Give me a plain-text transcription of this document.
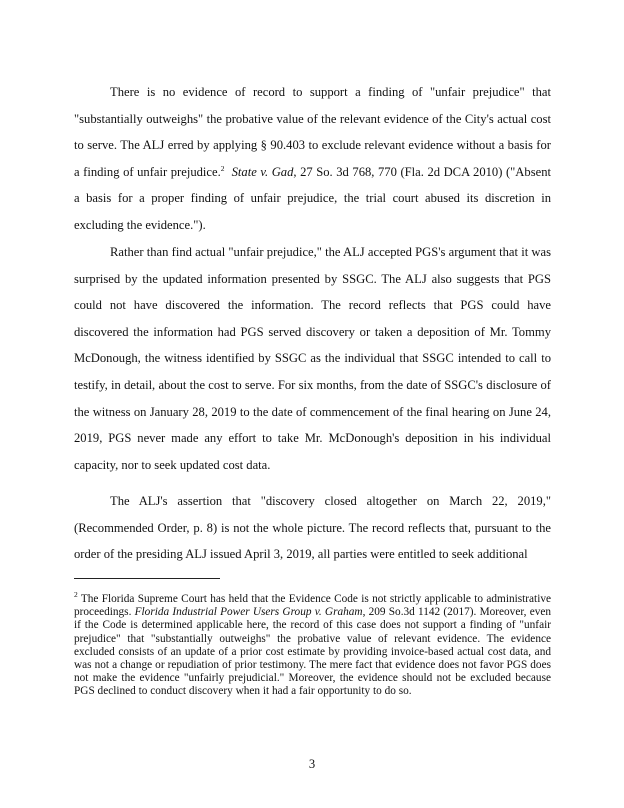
There is no evidence of record to support a finding of "unfair prejudice" that "substantially outweighs" the probative value of the relevant evidence of the City's actual cost to serve. The ALJ erred by applying § 90.403 to exclude relevant evidence without a basis for a finding of unfair prejudice.$^2$ State v. Gad, 27 So. 3d 768, 770 (Fla. 2d DCA 2010) ("Absent a basis for a proper finding of unfair prejudice, the trial court abused its discretion in excluding the evidence.").

Rather than find actual "unfair prejudice," the ALJ accepted PGS's argument that it was surprised by the updated information presented by SSGC. The ALJ also suggests that PGS could not have discovered the information. The record reflects that PGS could have discovered the information had PGS served discovery or taken a deposition of Mr. Tommy McDonough, the witness identified by SSGC as the individual that SSGC intended to call to testify, in detail, about the cost to serve. For six months, from the date of SSGC's disclosure of the witness on January 28, 2019 to the date of commencement of the final hearing on June 24, 2019, PGS never made any effort to take Mr. McDonough's deposition in his individual capacity, nor to seek updated cost data.

The ALJ's assertion that "discovery closed altogether on March 22, 2019," (Recommended Order, p. 8) is not the whole picture. The record reflects that, pursuant to the order of the presiding ALJ issued April 3, 2019, all parties were entitled to seek additional

$^2$ The Florida Supreme Court has held that the Evidence Code is not strictly applicable to administrative proceedings. Florida Industrial Power Users Group v. Graham, 209 So.3d 1142 (2017). Moreover, even if the Code is determined applicable here, the record of this case does not support a finding of "unfair prejudice" that "substantially outweighs" the probative value of relevant evidence. The evidence excluded consists of an update of a prior cost estimate by providing invoice-based actual cost data, and was not a change or repudiation of prior testimony. The mere fact that evidence does not favor PGS does not make the evidence "unfairly prejudicial." Moreover, the evidence should not be excluded because PGS declined to conduct discovery when it had a fair opportunity to do so.

3
